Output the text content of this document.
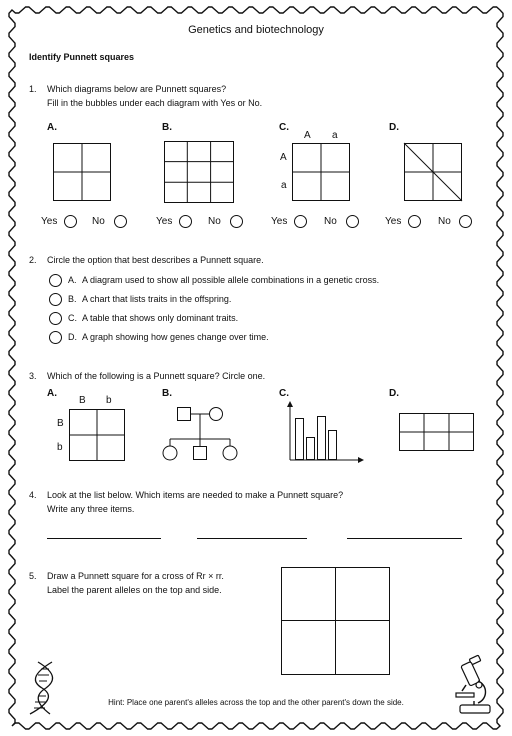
Genetics and biotechnology
Identify Punnett squares
1. Which diagrams below are Punnett squares?
Fill in the bubbles under each diagram with Yes or No.
A.	B.	C.	D.
A a
A
a
Yes	No	Yes	No	Yes	No	Yes	No
2. Circle the option that best describes a Punnett square.
A. A diagram used to show all possible allele combinations in a genetic cross.
B. A chart that lists traits in the offspring.
C. A table that shows only dominant traits.
D. A graph showing how genes change over time.
3. Which of the following is a Punnett square? Circle one.
A.	B.	C.	D.
B b
B
b
4. Look at the list below. Which items are needed to make a Punnett square?
Write any three items.
5. Draw a Punnett square for a cross of Rr × rr.
Label the parent alleles on the top and side.
Hint: Place one parent's alleles across the top and the other parent's down the side.
